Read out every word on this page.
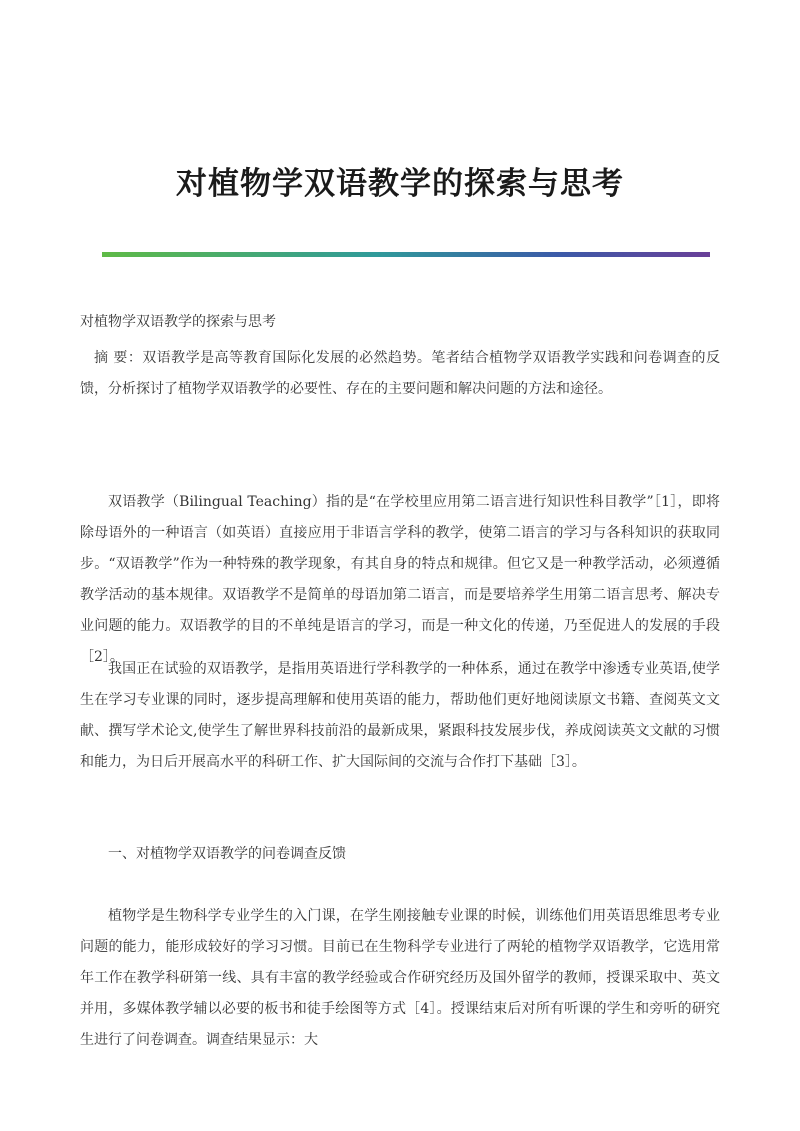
对植物学双语教学的探索与思考
对植物学双语教学的探索与思考

摘 要：双语教学是高等教育国际化发展的必然趋势。笔者结合植物学双语教学实践和问卷调查的反馈，分析探讨了植物学双语教学的必要性、存在的主要问题和解决问题的方法和途径。

双语教学（Bilingual Teaching）指的是“在学校里应用第二语言进行知识性科目教学”［1］，即将除母语外的一种语言（如英语）直接应用于非语言学科的教学，使第二语言的学习与各科知识的获取同步。“双语教学”作为一种特殊的教学现象，有其自身的特点和规律。但它又是一种教学活动，必须遵循教学活动的基本规律。双语教学不是简单的母语加第二语言，而是要培养学生用第二语言思考、解决专业问题的能力。双语教学的目的不单纯是语言的学习，而是一种文化的传递，乃至促进人的发展的手段［2］。

我国正在试验的双语教学，是指用英语进行学科教学的一种体系，通过在教学中渗透专业英语,使学生在学习专业课的同时，逐步提高理解和使用英语的能力，帮助他们更好地阅读原文书籍、查阅英文文献、撰写学术论文,使学生了解世界科技前沿的最新成果，紧跟科技发展步伐，养成阅读英文文献的习惯和能力，为日后开展高水平的科研工作、扩大国际间的交流与合作打下基础［3］。

一、对植物学双语教学的问卷调查反馈

植物学是生物科学专业学生的入门课，在学生刚接触专业课的时候，训练他们用英语思维思考专业问题的能力，能形成较好的学习习惯。目前已在生物科学专业进行了两轮的植物学双语教学，它选用常年工作在教学科研第一线、具有丰富的教学经验或合作研究经历及国外留学的教师，授课采取中、英文并用，多媒体教学辅以必要的板书和徒手绘图等方式［4］。授课结束后对所有听课的学生和旁听的研究生进行了问卷调查。调查结果显示：大
